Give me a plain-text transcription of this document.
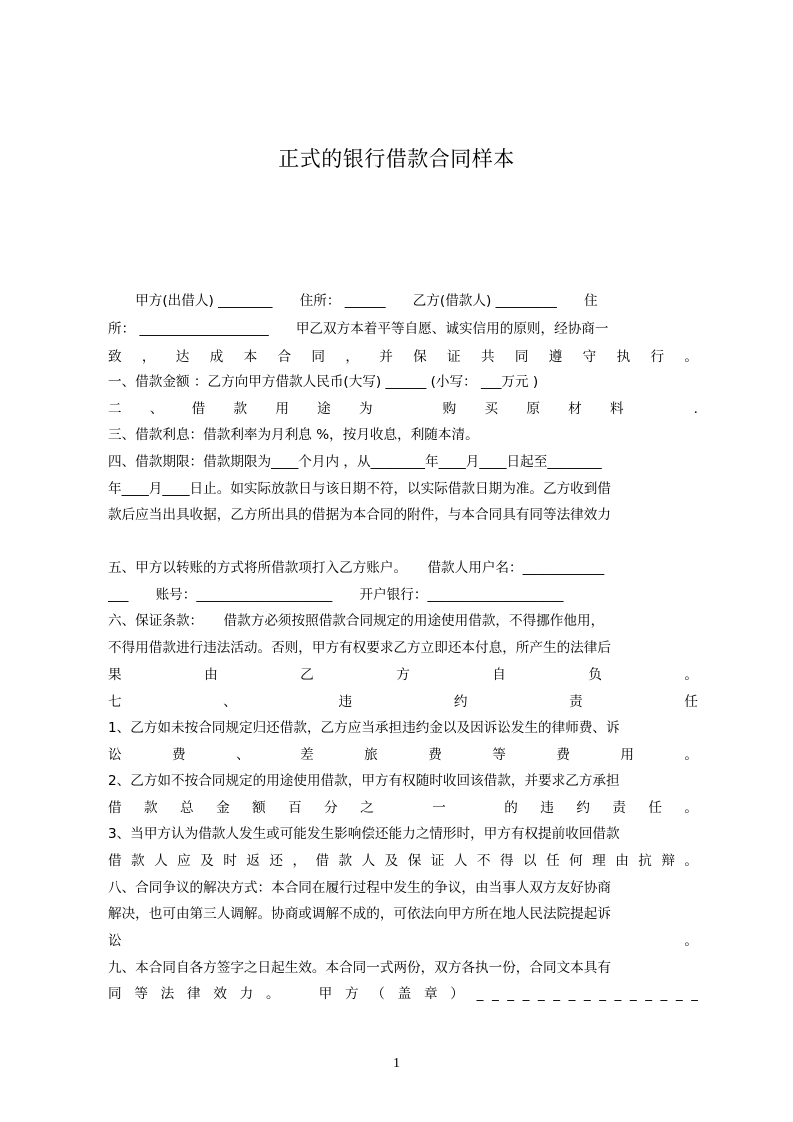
正式的银行借款合同样本
　　甲方(出借人) ________　　住所： ______　　乙方(借款人) _________　　住
所： ___________________　　甲乙双方本着平等自愿、诚实信用的原则，经协商一
致 ， 达 成 本 合 同 ， 并 保 证 共 同 遵 守 执 行 。
一、借款金额 ：乙方向甲方借款人民币(大写) ______ (小写： ___万元 )
二 、 借 款 用 途 为 　 购 买 原 材 料 　 .
三、借款利息：借款利率为月利息 %，按月收息，利随本清。
四、借款期限：借款期限为____个月内 ，从________年____月____日起至________
年____月____日止。如实际放款日与该日期不符，以实际借款日期为准。乙方收到借
款后应当出具收据，乙方所出具的借据为本合同的附件，与本合同具有同等法律效力
五、甲方以转账的方式将所借款项打入乙方账户。　　借款人用户名：____________
___　　账号：____________________　　开户银行：____________________
六、保证条款：　　借款方必须按照借款合同规定的用途使用借款，不得挪作他用，
不得用借款进行违法活动。否则，甲方有权要求乙方立即还本付息，所产生的法律后
果 由 乙 方 自 负 。
七 、 违 约 责 任
1、乙方如未按合同规定归还借款，乙方应当承担违约金以及因诉讼发生的律师费、诉
讼 费 、 差 旅 费 等 费 用 。
2、乙方如不按合同规定的用途使用借款，甲方有权随时收回该借款，并要求乙方承担
借 款 总 金 额 百 分 之 　 一 　 的 违 约 责 任 。
3、当甲方认为借款人发生或可能发生影响偿还能力之情形时，甲方有权提前收回借款
借 款 人 应 及 时 返 还 ， 借 款 人 及 保 证 人 不 得 以 任 何 理 由 抗 辩 。
八、合同争议的解决方式：本合同在履行过程中发生的争议，由当事人双方友好协商
解决，也可由第三人调解。协商或调解不成的，可依法向甲方所在地人民法院提起诉
讼 。
九、本合同自各方签字之日起生效。本合同一式两份，双方各执一份，合同文本具有
同 等 法 律 效 力 。 　 甲 方 （ 盖 章 ） _ _ _ _ _ _ _ _ _ _ _ _ _ _ _
1
